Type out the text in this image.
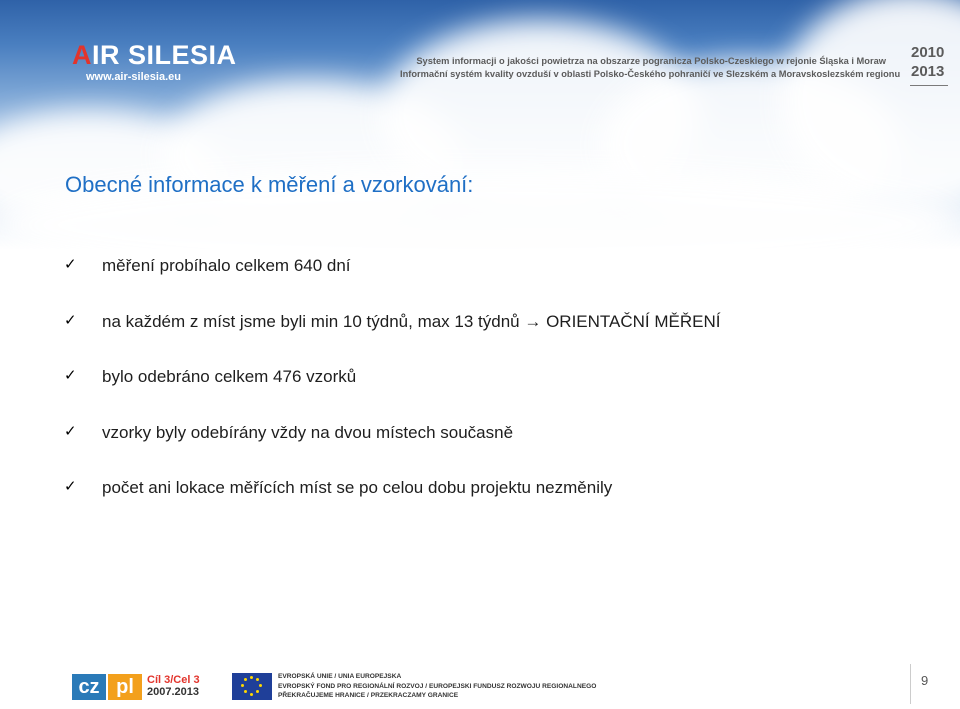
AIR SILESIA
www.air-silesia.eu
System informacji o jakości powietrza na obszarze pogranicza Polsko-Czeskiego w rejonie Śląska i Moraw
Informační systém kvality ovzduší v oblasti Polsko-Českého pohraničí ve Slezském a Moravskoslezském regionu
2010
2013
Obecné informace k měření a vzorkování:
✓ měření probíhalo celkem 640 dní
✓ na každém z míst jsme byli min 10 týdnů, max 13 týdnů → ORIENTAČNÍ MĚŘENÍ
✓ bylo odebráno celkem 476 vzorků
✓ vzorky byly odebírány vždy na dvou místech současně
✓ počet ani lokace měřících míst se po celou dobu projektu nezměnily
cz pl	Cíl 3/Cel 3
2007.2013
EVROPSKÁ UNIE / UNIA EUROPEJSKA
EVROPSKÝ FOND PRO REGIONÁLNÍ ROZVOJ / EUROPEJSKI FUNDUSZ ROZWOJU REGIONALNEGO
PŘEKRAČUJEME HRANICE / PRZEKRACZAMY GRANICE
9
